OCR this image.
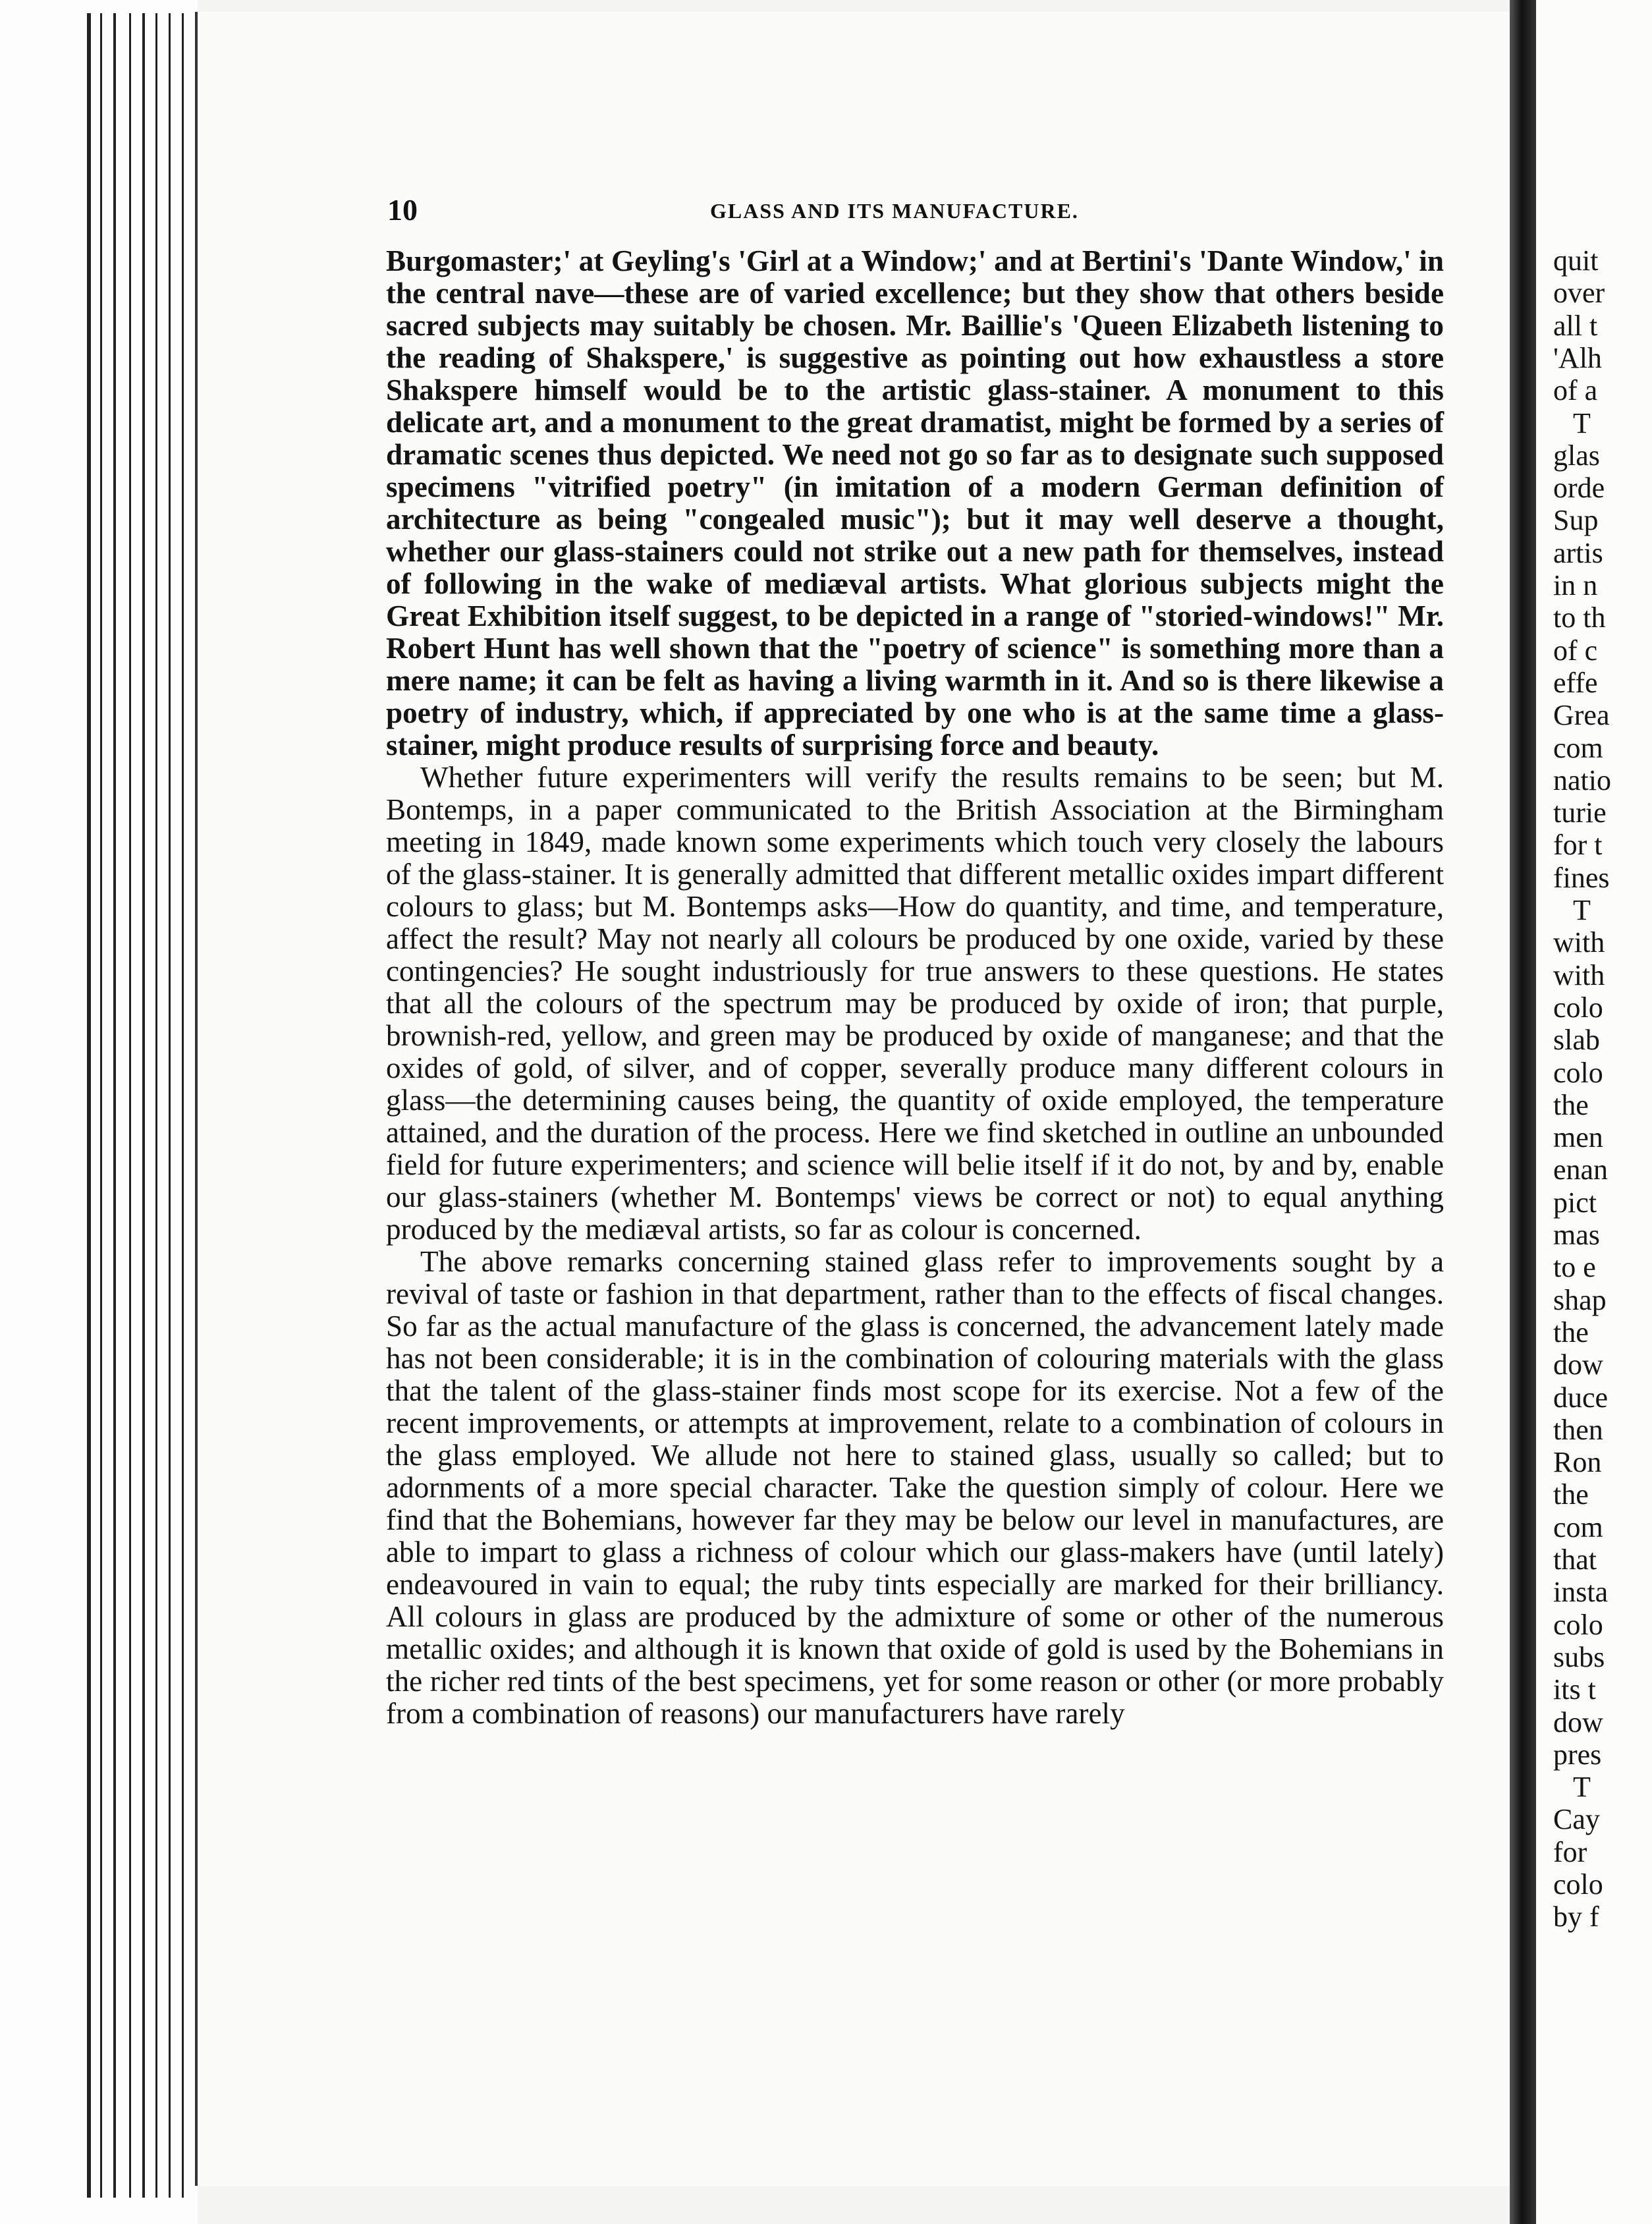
10	GLASS AND ITS MANUFACTURE.

Burgomaster;' at Geyling's 'Girl at a Window;' and at Bertini's 'Dante Window,' in the central nave—these are of varied excellence; but they show that others beside sacred subjects may suitably be chosen. Mr. Baillie's 'Queen Elizabeth listening to the reading of Shakspere,' is suggestive as pointing out how exhaustless a store Shakspere himself would be to the artistic glass-stainer. A monument to this delicate art, and a monument to the great dramatist, might be formed by a series of dramatic scenes thus depicted. We need not go so far as to designate such supposed specimens "vitrified poetry" (in imitation of a modern German definition of architecture as being "congealed music"); but it may well deserve a thought, whether our glass-stainers could not strike out a new path for themselves, instead of following in the wake of mediæval artists. What glorious subjects might the Great Exhibition itself suggest, to be depicted in a range of "storied-windows!" Mr. Robert Hunt has well shown that the "poetry of science" is something more than a mere name; it can be felt as having a living warmth in it. And so is there likewise a poetry of industry, which, if appreciated by one who is at the same time a glass-stainer, might produce results of surprising force and beauty.

Whether future experimenters will verify the results remains to be seen; but M. Bontemps, in a paper communicated to the British Association at the Birmingham meeting in 1849, made known some experiments which touch very closely the labours of the glass-stainer. It is generally admitted that different metallic oxides impart different colours to glass; but M. Bontemps asks—How do quantity, and time, and temperature, affect the result? May not nearly all colours be produced by one oxide, varied by these contingencies? He sought industriously for true answers to these questions. He states that all the colours of the spectrum may be produced by oxide of iron; that purple, brownish-red, yellow, and green may be produced by oxide of manganese; and that the oxides of gold, of silver, and of copper, severally produce many different colours in glass—the determining causes being, the quantity of oxide employed, the temperature attained, and the duration of the process. Here we find sketched in outline an unbounded field for future experimenters; and science will belie itself if it do not, by and by, enable our glass-stainers (whether M. Bontemps' views be correct or not) to equal anything produced by the mediæval artists, so far as colour is concerned.

The above remarks concerning stained glass refer to improvements sought by a revival of taste or fashion in that department, rather than to the effects of fiscal changes. So far as the actual manufacture of the glass is concerned, the advancement lately made has not been considerable; it is in the combination of colouring materials with the glass that the talent of the glass-stainer finds most scope for its exercise. Not a few of the recent improvements, or attempts at improvement, relate to a combination of colours in the glass employed. We allude not here to stained glass, usually so called; but to adornments of a more special character. Take the question simply of colour. Here we find that the Bohemians, however far they may be below our level in manufactures, are able to impart to glass a richness of colour which our glass-makers have (until lately) endeavoured in vain to equal; the ruby tints especially are marked for their brilliancy. All colours in glass are produced by the admixture of some or other of the numerous metallic oxides; and although it is known that oxide of gold is used by the Bohemians in the richer red tints of the best specimens, yet for some reason or other (or more probably from a combination of reasons) our manufacturers have rarely

quit
over
all t
'Alh
of a
T
glas
orde
Sup
artis
in n
to th
of c
effe
Grea
com
natio
turie
for t
fines
T
with
with
colo
slab
colo
the
men
enan
pict
mas
to e
shap
the
dow
duce
then
Ron
the
com
that
insta
colo
subs
its t
dow
pres
T
Cay
for
colo
by f
